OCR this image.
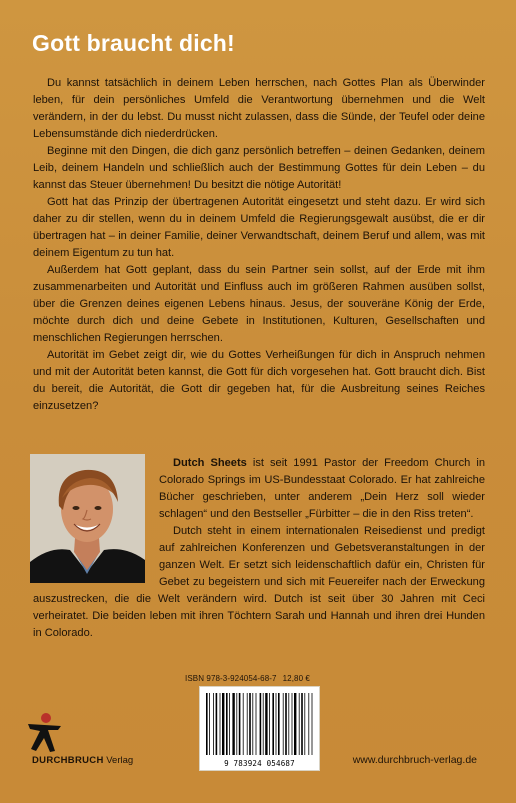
Gott braucht dich!

Du kannst tatsächlich in deinem Leben herrschen, nach Gottes Plan als Überwinder leben, für dein persönliches Umfeld die Verantwortung übernehmen und die Welt verändern, in der du lebst. Du musst nicht zulassen, dass die Sünde, der Teufel oder deine Lebensumstände dich niederdrücken.

Beginne mit den Dingen, die dich ganz persönlich betreffen – deinen Gedanken, deinem Leib, deinem Handeln und schließlich auch der Bestimmung Gottes für dein Leben – du kannst das Steuer übernehmen! Du besitzt die nötige Autorität!

Gott hat das Prinzip der übertragenen Autorität eingesetzt und steht dazu. Er wird sich daher zu dir stellen, wenn du in deinem Umfeld die Regierungsgewalt ausübst, die er dir übertragen hat – in deiner Familie, deiner Verwandtschaft, deinem Beruf und allem, was mit deinem Eigentum zu tun hat.

Außerdem hat Gott geplant, dass du sein Partner sein sollst, auf der Erde mit ihm zusammenarbeiten und Autorität und Einfluss auch im größeren Rahmen ausüben sollst, über die Grenzen deines eigenen Lebens hinaus. Jesus, der souveräne König der Erde, möchte durch dich und deine Gebete in Institutionen, Kulturen, Gesellschaften und menschlichen Regierungen herrschen.

Autorität im Gebet zeigt dir, wie du Gottes Verheißungen für dich in Anspruch nehmen und mit der Autorität beten kannst, die Gott für dich vorgesehen hat. Gott braucht dich. Bist du bereit, die Autorität, die Gott dir gegeben hat, für die Ausbreitung seines Reiches einzusetzen?

Dutch Sheets ist seit 1991 Pastor der Freedom Church in Colorado Springs im US-Bundesstaat Colorado. Er hat zahlreiche Bücher geschrieben, unter anderem „Dein Herz soll wieder schlagen“ und den Bestseller „Fürbitter – die in den Riss treten“.

Dutch steht in einem internationalen Reisedienst und predigt auf zahlreichen Konferenzen und Gebetsveranstaltungen in der ganzen Welt. Er setzt sich leidenschaftlich dafür ein, Christen für Gebet zu begeistern und sich mit Feuereifer nach der Erweckung auszustrecken, die die Welt verändern wird. Dutch ist seit über 30 Jahren mit Ceci verheiratet. Die beiden leben mit ihren Töchtern Sarah und Hannah und ihren drei Hunden in Colorado.

ISBN 978-3-924054-68-7 12,80 €
9 783924 054687
DURCHBRUCH Verlag	www.durchbruch-verlag.de
